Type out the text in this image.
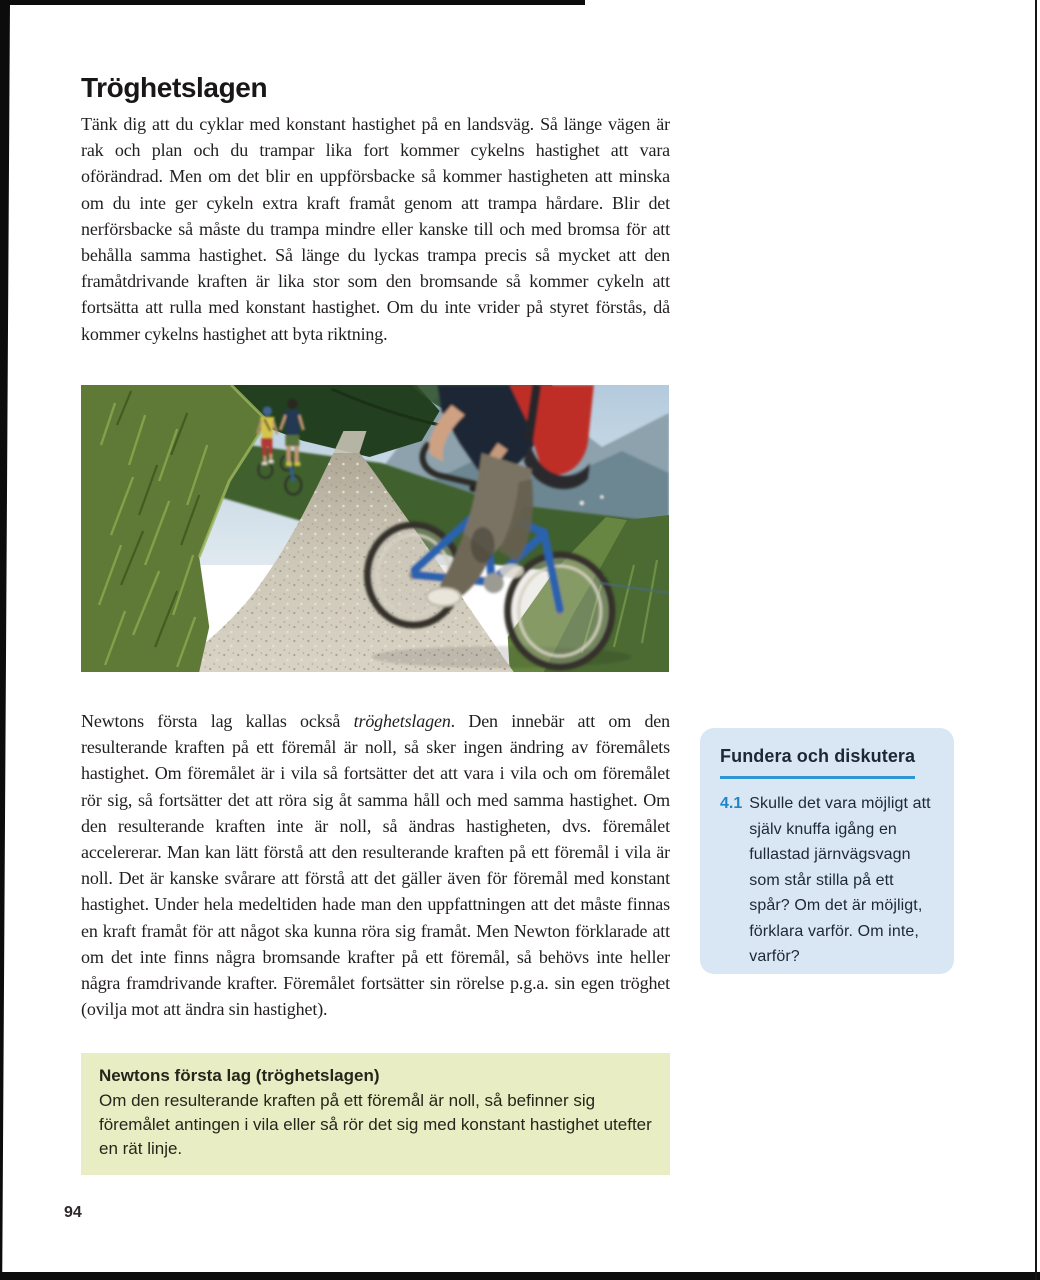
Tröghetslagen

Tänk dig att du cyklar med konstant hastighet på en landsväg. Så länge vägen är rak och plan och du trampar lika fort kommer cykelns hastighet att vara oförändrad. Men om det blir en uppförsbacke så kommer hastigheten att minska om du inte ger cykeln extra kraft framåt genom att trampa hårdare. Blir det nerförsbacke så måste du trampa mindre eller kanske till och med bromsa för att behålla samma hastighet. Så länge du lyckas trampa precis så mycket att den framåtdrivande kraften är lika stor som den bromsande så kommer cykeln att fortsätta att rulla med konstant hastighet. Om du inte vrider på styret förstås, då kommer cykelns hastighet att byta riktning.

Newtons första lag kallas också tröghetslagen. Den innebär att om den resulterande kraften på ett föremål är noll, så sker ingen ändring av föremålets hastighet. Om föremålet är i vila så fortsätter det att vara i vila och om föremålet rör sig, så fortsätter det att röra sig åt samma håll och med samma hastighet. Om den resulterande kraften inte är noll, så ändras hastigheten, dvs. föremålet accelererar. Man kan lätt förstå att den resulterande kraften på ett föremål i vila är noll. Det är kanske svårare att förstå att det gäller även för föremål med konstant hastighet. Under hela medeltiden hade man den uppfattningen att det måste finnas en kraft framåt för att något ska kunna röra sig framåt. Men Newton förklarade att om det inte finns några bromsande krafter på ett föremål, så behövs inte heller några framdrivande krafter. Föremålet fortsätter sin rörelse p.g.a. sin egen tröghet (ovilja mot att ändra sin hastighet).

Fundera och diskutera
4.1 Skulle det vara möjligt att själv knuffa igång en fullastad järnvägsvagn som står stilla på ett spår? Om det är möjligt, förklara varför. Om inte, varför?
Newtons första lag (tröghetslagen)

Om den resulterande kraften på ett föremål är noll, så befinner sig föremålet antingen i vila eller så rör det sig med konstant hastighet utefter en rät linje.

94
